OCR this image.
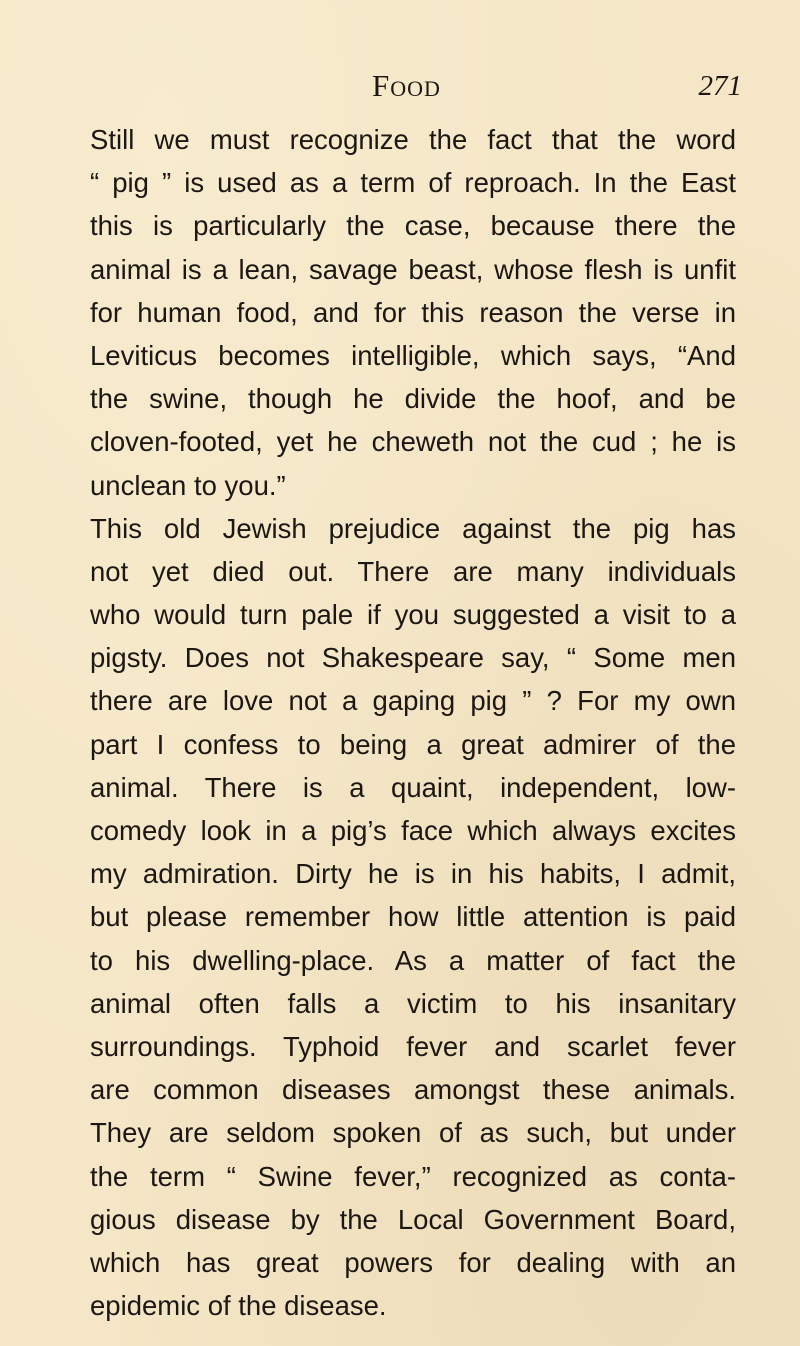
Food	271
Still we must recognize the fact that the word
“ pig ” is used as a term of reproach. In the East
this is particularly the case, because there the
animal is a lean, savage beast, whose flesh is unfit
for human food, and for this reason the verse in
Leviticus becomes intelligible, which says, “And
the swine, though he divide the hoof, and be
cloven-footed, yet he cheweth not the cud ; he is
unclean to you.”
This old Jewish prejudice against the pig has
not yet died out. There are many individuals
who would turn pale if you suggested a visit to a
pigsty. Does not Shakespeare say, “ Some men
there are love not a gaping pig ” ? For my own
part I confess to being a great admirer of the
animal. There is a quaint, independent, low-
comedy look in a pig’s face which always excites
my admiration. Dirty he is in his habits, I admit,
but please remember how little attention is paid
to his dwelling-place. As a matter of fact the
animal often falls a victim to his insanitary
surroundings. Typhoid fever and scarlet fever
are common diseases amongst these animals.
They are seldom spoken of as such, but under
the term “ Swine fever,” recognized as conta-
gious disease by the Local Government Board,
which has great powers for dealing with an
epidemic of the disease.
